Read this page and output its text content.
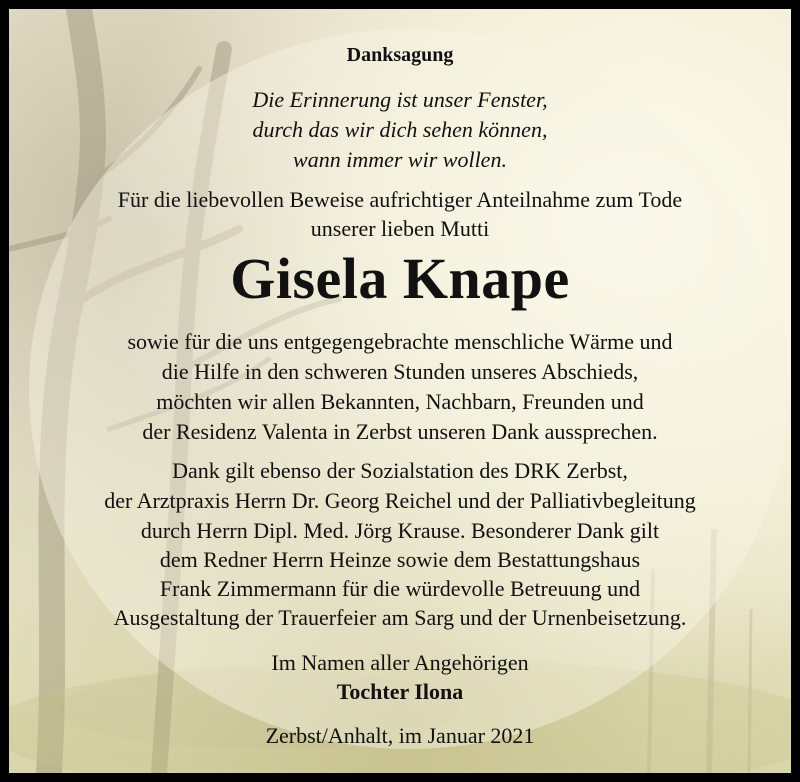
Danksagung
Die Erinnerung ist unser Fenster,
durch das wir dich sehen können,
wann immer wir wollen.
Für die liebevollen Beweise aufrichtiger Anteilnahme zum Tode
unserer lieben Mutti
Gisela Knape
sowie für die uns entgegengebrachte menschliche Wärme und
die Hilfe in den schweren Stunden unseres Abschieds,
möchten wir allen Bekannten, Nachbarn, Freunden und
der Residenz Valenta in Zerbst unseren Dank aussprechen.
Dank gilt ebenso der Sozialstation des DRK Zerbst,
der Arztpraxis Herrn Dr. Georg Reichel und der Palliativbegleitung
durch Herrn Dipl. Med. Jörg Krause. Besonderer Dank gilt
dem Redner Herrn Heinze sowie dem Bestattungshaus
Frank Zimmermann für die würdevolle Betreuung und
Ausgestaltung der Trauerfeier am Sarg und der Urnenbeisetzung.
Im Namen aller Angehörigen
Tochter Ilona
Zerbst/Anhalt, im Januar 2021
